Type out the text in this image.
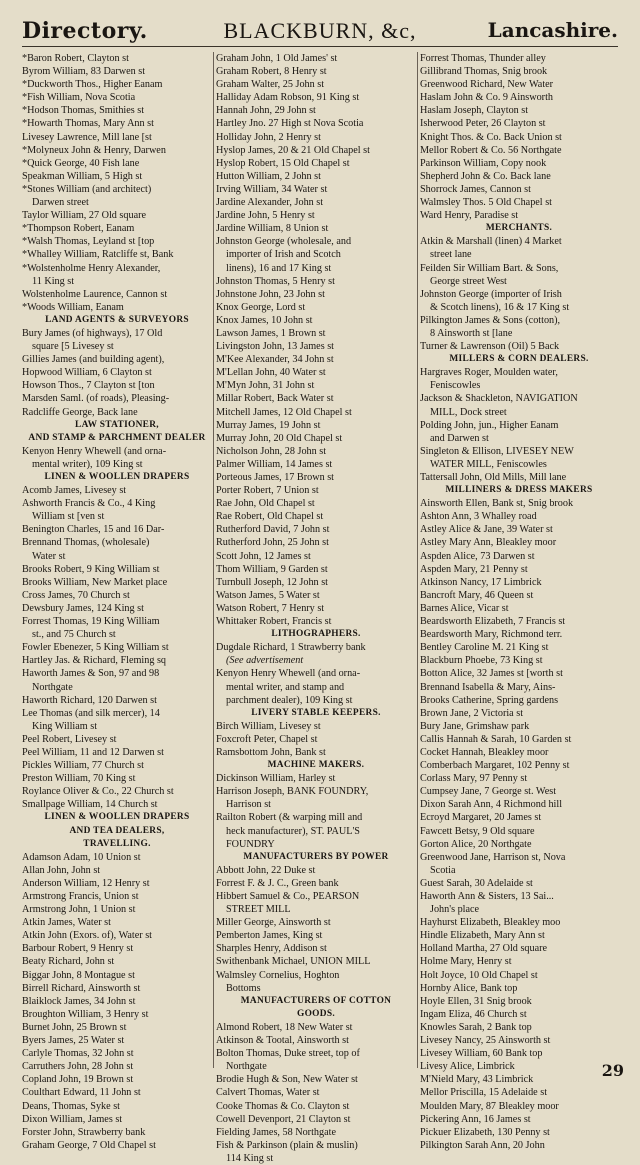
Directory.	BLACKBURN, &c,	Lancashire.
*Baron Robert, Clayton st
Byrom William, 83 Darwen st
*Duckworth Thos., Higher Eanam
*Fish William, Nova Scotia
*Hodson Thomas, Smithies st
*Howarth Thomas, Mary Ann st
Livesey Lawrence, Mill lane [st
*Molyneux John & Henry, Darwen
*Quick George, 40 Fish lane
Speakman William, 5 High st
*Stones William (and architect)
Darwen street
Taylor William, 27 Old square
*Thompson Robert, Eanam
*Walsh Thomas, Leyland st [top
*Whalley William, Ratcliffe st, Bank
*Wolstenholme Henry Alexander,
11 King st
Wolstenholme Laurence, Cannon st
*Woods William, Eanam
LAND AGENTS & SURVEYORS
Bury James (of highways), 17 Old
square [5 Livesey st
Gillies James (and building agent),
Hopwood William, 6 Clayton st
Howson Thos., 7 Clayton st [ton
Marsden Saml. (of roads), Pleasing-
Radcliffe George, Back lane
LAW STATIONER,
AND STAMP & PARCHMENT DEALER
Kenyon Henry Whewell (and orna-
mental writer), 109 King st
LINEN & WOOLLEN DRAPERS
Acomb James, Livesey st
Ashworth Francis & Co., 4 King
William st [ven st
Benington Charles, 15 and 16 Dar-
Brennand Thomas, (wholesale)
Water st
Brooks Robert, 9 King William st
Brooks William, New Market place
Cross James, 70 Church st
Dewsbury James, 124 King st
Forrest Thomas, 19 King William
st., and 75 Church st
Fowler Ebenezer, 5 King William st
Hartley Jas. & Richard, Fleming sq
Haworth James & Son, 97 and 98
Northgate
Haworth Richard, 120 Darwen st
Lee Thomas (and silk mercer), 14
King William st
Peel Robert, Livesey st
Peel William, 11 and 12 Darwen st
Pickles William, 77 Church st
Preston William, 70 King st
Roylance Oliver & Co., 22 Church st
Smallpage William, 14 Church st
LINEN & WOOLLEN DRAPERS
AND TEA DEALERS,
TRAVELLING.
Adamson Adam, 10 Union st
Allan John, John st
Anderson William, 12 Henry st
Armstrong Francis, Union st
Armstrong John, 1 Union st
Atkin James, Water st
Atkin John (Exors. of), Water st
Barbour Robert, 9 Henry st
Beaty Richard, John st
Biggar John, 8 Montague st
Birrell Richard, Ainsworth st
Blaiklock James, 34 John st
Broughton William, 3 Henry st
Burnet John, 25 Brown st
Byers James, 25 Water st
Carlyle Thomas, 32 John st
Carruthers John, 28 John st
Copland John, 19 Brown st
Coulthart Edward, 11 John st
Deans, Thomas, Syke st
Dixon William, James st
Forster John, Strawberry bank
Graham George, 7 Old Chapel st
Graham John, 1 Old James' st
Graham Robert, 8 Henry st
Graham Walter, 25 John st
Halliday Adam Robson, 91 King st
Hannah John, 29 John st
Hartley Jno. 27 High st Nova Scotia
Holliday John, 2 Henry st
Hyslop James, 20 & 21 Old Chapel st
Hyslop Robert, 15 Old Chapel st
Hutton William, 2 John st
Irving William, 34 Water st
Jardine Alexander, John st
Jardine John, 5 Henry st
Jardine William, 8 Union st
Johnston George (wholesale, and
importer of Irish and Scotch
linens), 16 and 17 King st
Johnston Thomas, 5 Henry st
Johnstone John, 23 John st
Knox George, Lord st
Knox James, 10 John st
Lawson James, 1 Brown st
Livingston John, 13 James st
M'Kee Alexander, 34 John st
M'Lellan John, 40 Water st
M'Myn John, 31 John st
Millar Robert, Back Water st
Mitchell James, 12 Old Chapel st
Murray James, 19 John st
Murray John, 20 Old Chapel st
Nicholson John, 28 John st
Palmer William, 14 James st
Porteous James, 17 Brown st
Porter Robert, 7 Union st
Rae John, Old Chapel st
Rae Robert, Old Chapel st
Rutherford David, 7 John st
Rutherford John, 25 John st
Scott John, 12 James st
Thom William, 9 Garden st
Turnbull Joseph, 12 John st
Watson James, 5 Water st
Watson Robert, 7 Henry st
Whittaker Robert, Francis st
LITHOGRAPHERS.
Dugdale Richard, 1 Strawberry bank
(See advertisement
Kenyon Henry Whewell (and orna-
mental writer, and stamp and
parchment dealer), 109 King st
LIVERY STABLE KEEPERS.
Birch William, Livesey st
Foxcroft Peter, Chapel st
Ramsbottom John, Bank st
MACHINE MAKERS.
Dickinson William, Harley st
Harrison Joseph, BANK FOUNDRY,
Harrison st
Railton Robert (& warping mill and
heck manufacturer), ST. PAUL'S
FOUNDRY
MANUFACTURERS BY POWER
Abbott John, 22 Duke st
Forrest F. & J. C., Green bank
Hibbert Samuel & Co., PEARSON
STREET MILL
Miller George, Ainsworth st
Pemberton James, King st
Sharples Henry, Addison st
Swithenbank Michael, UNION MILL
Walmsley Cornelius, Hoghton
Bottoms
MANUFACTURERS OF COTTON
GOODS.
Almond Robert, 18 New Water st
Atkinson & Tootal, Ainsworth st
Bolton Thomas, Duke street, top of
Northgate
Brodie Hugh & Son, New Water st
Calvert Thomas, Water st
Cooke Thomas & Co. Clayton st
Cowell Devenport, 21 Clayton st
Fielding James, 58 Northgate
Fish & Parkinson (plain & muslin)
114 King st
Forrest Thomas, Thunder alley
Gillibrand Thomas, Snig brook
Greenwood Richard, New Water
Haslam John & Co. 9 Ainsworth
Haslam Joseph, Clayton st
Isherwood Peter, 26 Clayton st
Knight Thos. & Co. Back Union st
Mellor Robert & Co. 56 Northgate
Parkinson William, Copy nook
Shepherd John & Co. Back lane
Shorrock James, Cannon st
Walmsley Thos. 5 Old Chapel st
Ward Henry, Paradise st
MERCHANTS.
Atkin & Marshall (linen) 4 Market
street lane
Feilden Sir William Bart. & Sons,
George street West
Johnston George (importer of Irish
& Scotch linens), 16 & 17 King st
Pilkington James & Sons (cotton),
8 Ainsworth st [lane
Turner & Lawrenson (Oil) 5 Back
MILLERS & CORN DEALERS.
Hargraves Roger, Moulden water,
Feniscowles
Jackson & Shackleton, NAVIGATION
MILL, Dock street
Polding John, jun., Higher Eanam
and Darwen st
Singleton & Ellison, LIVESEY NEW
WATER MILL, Feniscowles
Tattersall John, Old Mills, Mill lane
MILLINERS & DRESS MAKERS
Ainsworth Ellen, Bank st, Snig brook
Ashton Ann, 3 Whalley road
Astley Alice & Jane, 39 Water st
Astley Mary Ann, Bleakley moor
Aspden Alice, 73 Darwen st
Aspden Mary, 21 Penny st
Atkinson Nancy, 17 Limbrick
Bancroft Mary, 46 Queen st
Barnes Alice, Vicar st
Beardsworth Elizabeth, 7 Francis st
Beardsworth Mary, Richmond terr.
Bentley Caroline M. 21 King st
Blackburn Phoebe, 73 King st
Botton Alice, 32 James st [worth st
Brennand Isabella & Mary, Ains-
Brooks Catherine, Spring gardens
Brown Jane, 2 Victoria st
Bury Jane, Grimshaw park
Callis Hannah & Sarah, 10 Garden st
Cocket Hannah, Bleakley moor
Comberbach Margaret, 102 Penny st
Corlass Mary, 97 Penny st
Cumpsey Jane, 7 George st. West
Dixon Sarah Ann, 4 Richmond hill
Ecroyd Margaret, 20 James st
Fawcett Betsy, 9 Old square
Gorton Alice, 20 Northgate
Greenwood Jane, Harrison st, Nova
Scotia
Guest Sarah, 30 Adelaide st
Haworth Ann & Sisters, 13 Sai...
John's place
Hayhurst Elizabeth, Bleakley moo
Hindle Elizabeth, Mary Ann st
Holland Martha, 27 Old square
Holme Mary, Henry st
Holt Joyce, 10 Old Chapel st
Hornby Alice, Bank top
Hoyle Ellen, 31 Snig brook
Ingam Eliza, 46 Church st
Knowles Sarah, 2 Bank top
Livesey Nancy, 25 Ainsworth st
Livesey William, 60 Bank top
Livesy Alice, Limbrick
M'Nield Mary, 43 Limbrick
Mellor Priscilla, 15 Adelaide st
Moulden Mary, 87 Bleakley moor
Pickering Ann, 16 James st
Pickuer Elizabeth, 130 Penny st
Pilkington Sarah Ann, 20 John
29
